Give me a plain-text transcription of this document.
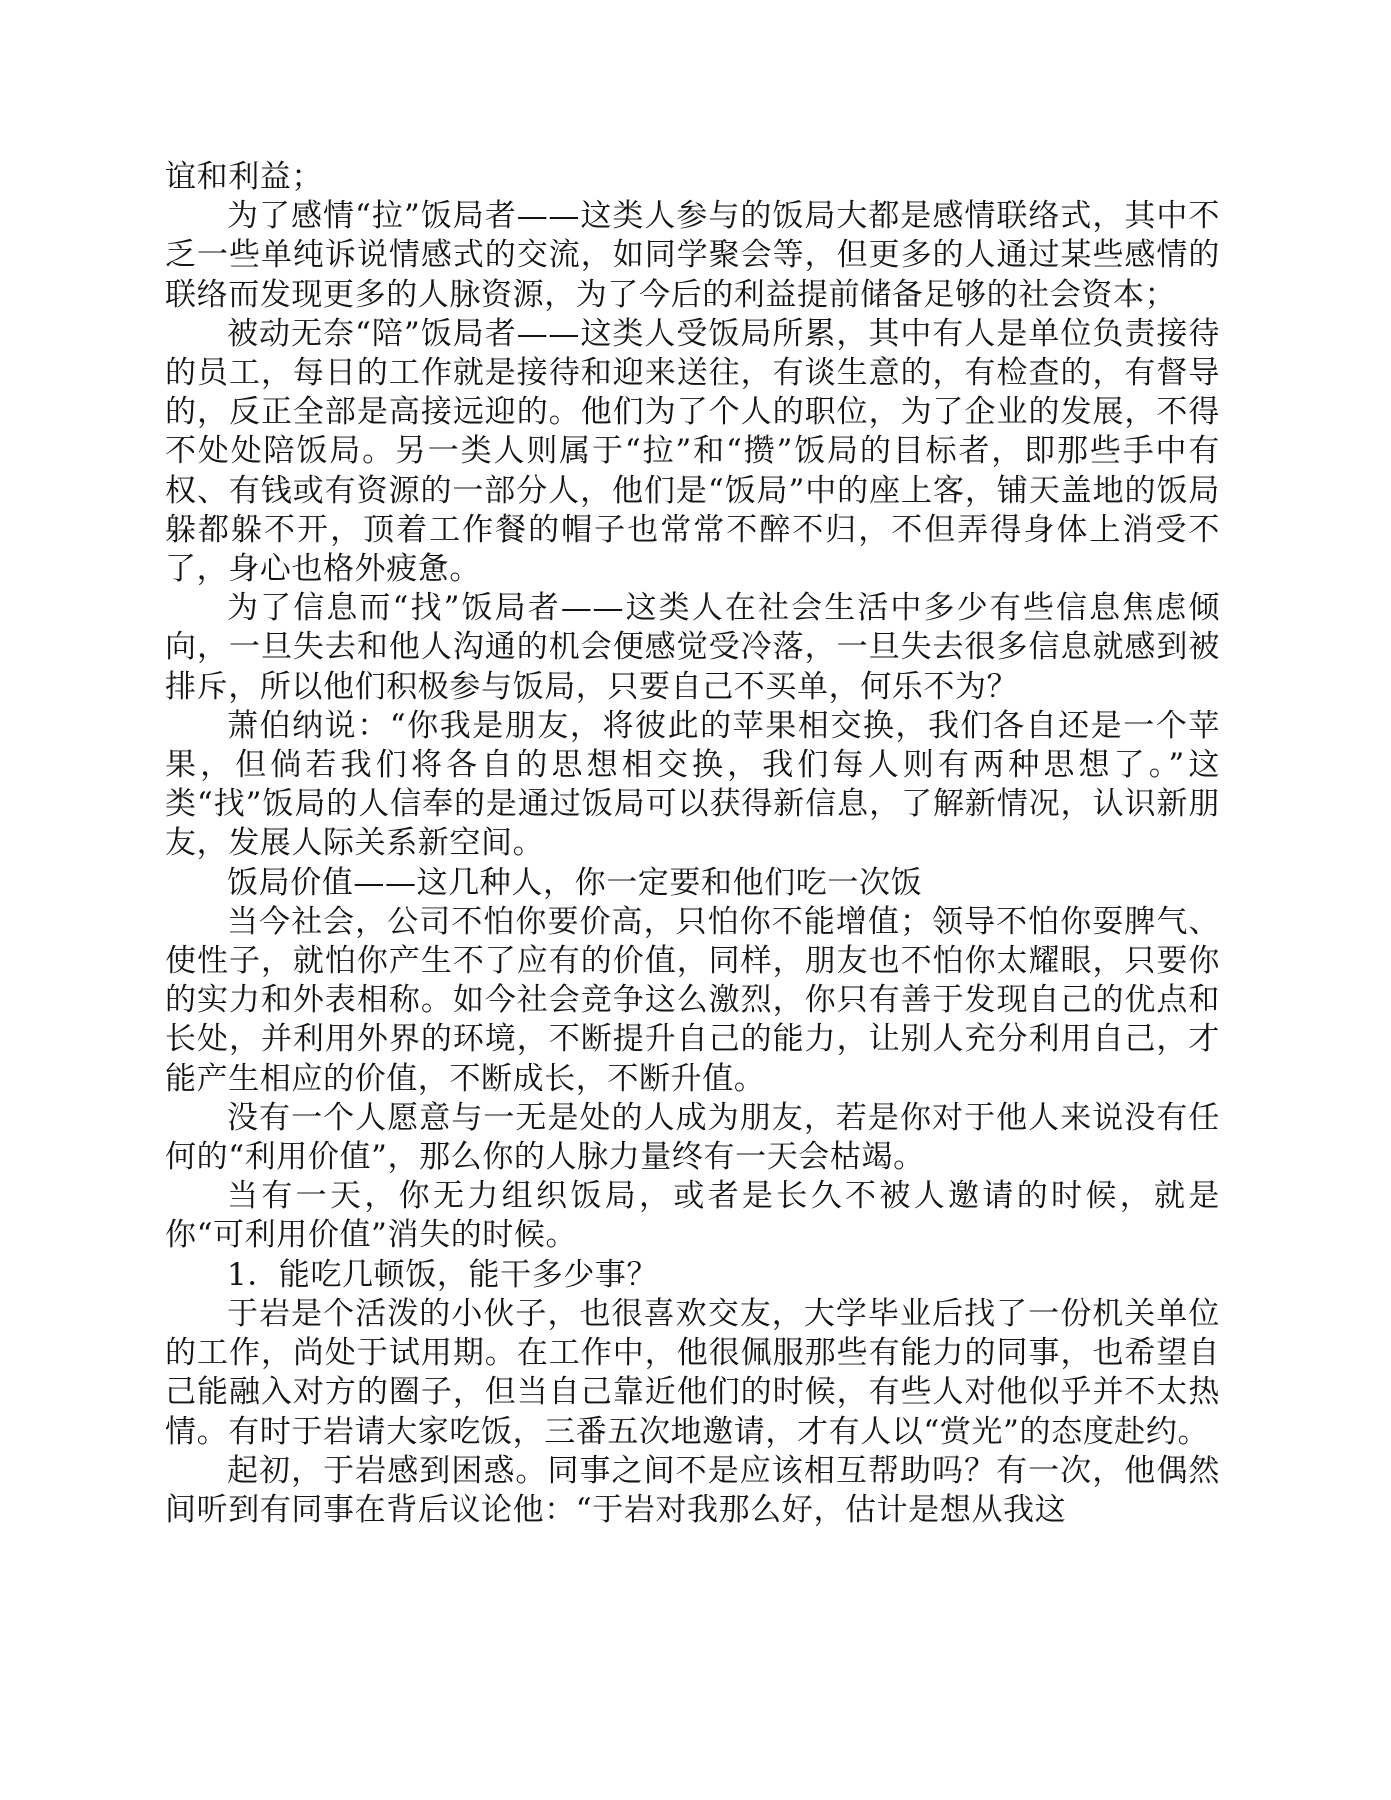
谊和利益；

为了感情“拉”饭局者——这类人参与的饭局大都是感情联络式，其中不乏一些单纯诉说情感式的交流，如同学聚会等，但更多的人通过某些感情的联络而发现更多的人脉资源，为了今后的利益提前储备足够的社会资本；

被动无奈“陪”饭局者——这类人受饭局所累，其中有人是单位负责接待的员工，每日的工作就是接待和迎来送往，有谈生意的，有检查的，有督导的，反正全部是高接远迎的。他们为了个人的职位，为了企业的发展，不得不处处陪饭局。另一类人则属于“拉”和“攒”饭局的目标者，即那些手中有权、有钱或有资源的一部分人，他们是“饭局”中的座上客，铺天盖地的饭局躲都躲不开，顶着工作餐的帽子也常常不醉不归，不但弄得身体上消受不了，身心也格外疲惫。

为了信息而“找”饭局者——这类人在社会生活中多少有些信息焦虑倾向，一旦失去和他人沟通的机会便感觉受冷落，一旦失去很多信息就感到被排斥，所以他们积极参与饭局，只要自己不买单，何乐不为？

萧伯纳说：“你我是朋友，将彼此的苹果相交换，我们各自还是一个苹果，但倘若我们将各自的思想相交换，我们每人则有两种思想了。”这类“找”饭局的人信奉的是通过饭局可以获得新信息，了解新情况，认识新朋友，发展人际关系新空间。

饭局价值——这几种人，你一定要和他们吃一次饭

当今社会，公司不怕你要价高，只怕你不能增值；领导不怕你耍脾气、使性子，就怕你产生不了应有的价值，同样，朋友也不怕你太耀眼，只要你的实力和外表相称。如今社会竞争这么激烈，你只有善于发现自己的优点和长处，并利用外界的环境，不断提升自己的能力，让别人充分利用自己，才能产生相应的价值，不断成长，不断升值。

没有一个人愿意与一无是处的人成为朋友，若是你对于他人来说没有任何的“利用价值”，那么你的人脉力量终有一天会枯竭。

当有一天，你无力组织饭局，或者是长久不被人邀请的时候，就是你“可利用价值”消失的时候。

1．能吃几顿饭，能干多少事？

于岩是个活泼的小伙子，也很喜欢交友，大学毕业后找了一份机关单位的工作，尚处于试用期。在工作中，他很佩服那些有能力的同事，也希望自己能融入对方的圈子，但当自己靠近他们的时候，有些人对他似乎并不太热情。有时于岩请大家吃饭，三番五次地邀请，才有人以“赏光”的态度赴约。

起初，于岩感到困惑。同事之间不是应该相互帮助吗？有一次，他偶然间听到有同事在背后议论他：“于岩对我那么好，估计是想从我这
